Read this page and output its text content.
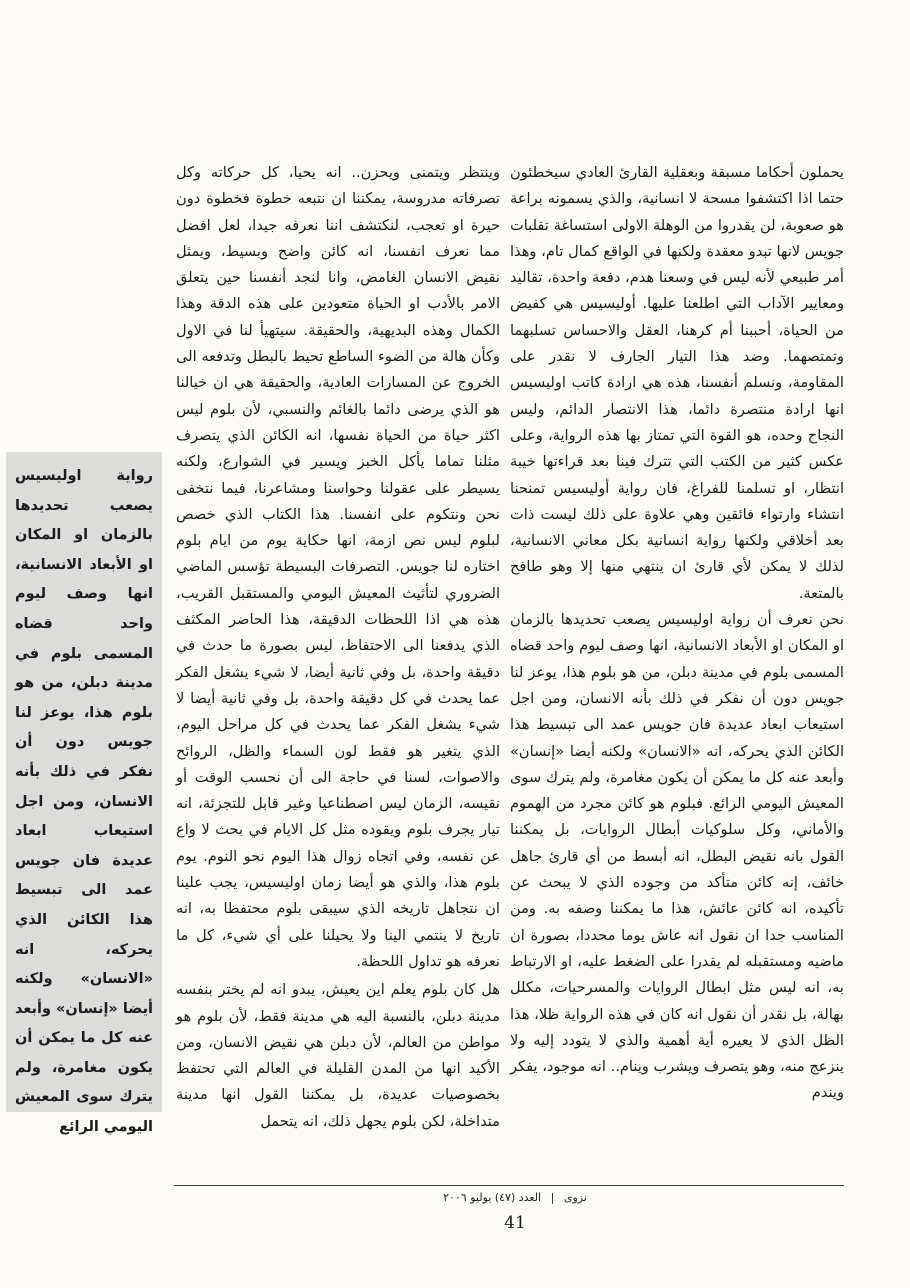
يحملون أحكاما مسبقة وبعقلية القارئ العادي سيخطئون حتما اذا اكتشفوا مسحة لا انسانية، والذي يسمونه براعة هو صعوبة، لن يقدروا من الوهلة الاولى استساغة تقلبات جويس لانها تبدو معقدة ولكنها في الواقع كمال تام، وهذا أمر طبيعي لأنه ليس في وسعنا هدم، دفعة واحدة، تقاليد ومعايير الآداب التي اطلعنا عليها. أوليسيس هي كفيض من الحياة، أحببنا أم كرهنا، العقل والاحساس تسلبهما وتمتصهما. وضد هذا التيار الجارف لا نقدر على المقاومة، ونسلم أنفسنا، هذه هي ارادة كاتب اوليسيس انها ارادة منتصرة دائما، هذا الانتصار الدائم، وليس النجاح وحده، هو القوة التي تمتاز بها هذه الرواية، وعلى عكس كثير من الكتب التي تترك فينا بعد قراءتها خيبة انتظار، او تسلمنا للفراغ، فان رواية أوليسيس تمنحنا انتشاء وارتواء فائقين وهي علاوة على ذلك ليست ذات بعد أخلاقي ولكنها رواية انسانية بكل معاني الانسانية، لذلك لا يمكن لأي قارئ ان ينتهي منها إلا وهو طافح بالمتعة.

نحن نعرف أن رواية اوليسيس يصعب تحديدها بالزمان او المكان او الأبعاد الانسانية، انها وصف ليوم واحد قضاه المسمى بلوم في مدينة دبلن، من هو بلوم هذا، يوعز لنا جويس دون أن نفكر في ذلك بأنه الانسان، ومن اجل استيعاب ابعاد عديدة فان جويس عمد الى تبسيط هذا الكائن الذي يحركه، انه «الانسان» ولكنه أيضا «إنسان» وأبعد عنه كل ما يمكن أن يكون مغامرة، ولم يترك سوى المعيش اليومي الرائع. فبلوم هو كائن مجرد من الهموم والأماني، وكل سلوكيات أبطال الروايات، بل يمكننا القول بانه نقيض البطل، انه أبسط من أي قارئ جاهل خائف، إنه كائن متأكد من وجوده الذي لا يبحث عن تأكيده، انه كائن عائش، هذا ما يمكننا وصفه به. ومن المناسب جدا ان نقول انه عاش يوما محددا، بصورة ان ماضيه ومستقبله لم يقدرا على الضغط عليه، او الارتباط به، انه ليس مثل ابطال الروايات والمسرحيات، مكلل بهالة، بل نقدر أن نقول انه كان في هذه الرواية ظلا، هذا الظل الذي لا يعيره أية أهمية والذي لا يتودد إليه ولا ينزعج منه، وهو يتصرف ويشرب وينام.. انه موجود، يفكر ويندم

وينتظر ويتمنى ويحزن.. انه يحيا، كل حركاته وكل تصرفاته مدروسة، يمكننا ان نتبعه خطوة فخطوة دون حيرة او تعجب، لنكتشف اننا نعرفه جيدا، لعل افضل مما نعرف انفسنا، انه كائن واضح وبسيط، ويمثل نقيض الانسان الغامض، وانا لنجد أنفسنا حين يتعلق الامر بالأدب او الحياة متعودين على هذه الدقة وهذا الكمال وهذه البديهية، والحقيقة. سيتهيأ لنا في الاول وكأن هالة من الضوء الساطع تحيط بالبطل وتدفعه الى الخروج عن المسارات العادية، والحقيقة هي ان خيالنا هو الذي يرضى دائما بالغائم والنسبي، لأن بلوم ليس اكثر حياة من الحياة نفسها، انه الكائن الذي يتصرف مثلنا تماما يأكل الخبز ويسير في الشوارع، ولكنه يسيطر على عقولنا وحواسنا ومشاعرنا، فيما نتخفى نحن ونتكوم على انفسنا. هذا الكتاب الذي خصص لبلوم ليس نص ازمة، انها حكاية يوم من ايام بلوم اختاره لنا جويس. التصرفات البسيطة تؤسس الماضي الضروري لتأثيث المعيش اليومي والمستقبل القريب، هذه هي اذا اللحظات الدقيقة، هذا الحاضر المكثف الذي يدفعنا الى الاحتفاظ، ليس بصورة ما حدث في دقيقة واحدة، بل وفي ثانية أيضا، لا شيء يشغل الفكر عما يحدث في كل دقيقة واحدة، بل وفي ثانية أيضا لا شيء يشغل الفكر عما يحدث في كل مراحل اليوم، الذي يتغير هو فقط لون السماء والظل، الروائح والاصوات، لسنا في حاجة الى أن نحسب الوقت أو نقيسه، الزمان ليس اصطناعيا وغير قابل للتجزئة، انه تيار يجرف بلوم ويقوده مثل كل الايام في بحث لا واع عن نفسه، وفي اتجاه زوال هذا اليوم نحو النوم. يوم بلوم هذا، والذي هو أيضا زمان اوليسيس، يجب علينا ان نتجاهل تاريخه الذي سيبقى بلوم محتفظا به، انه تاريخ لا ينتمي الينا ولا يحيلنا على أي شيء، كل ما نعرفه هو تداول اللحظة.

هل كان بلوم يعلم اين يعيش، يبدو انه لم يختر بنفسه مدينة دبلن، بالنسبة اليه هي مدينة فقط، لأن بلوم هو مواطن من العالم، لأن دبلن هي نقيض الانسان، ومن الأكيد انها من المدن القليلة في العالم التي تحتفظ بخصوصيات عديدة، بل يمكننا القول انها مدينة متداخلة، لكن بلوم يجهل ذلك، انه يتحمل

رواية اوليسيس يصعب تحديدها بالزمان او المكان او الأبعاد الانسانية، انها وصف ليوم واحد قضاه المسمى بلوم في مدينة دبلن، من هو بلوم هذا، يوعز لنا جويس دون أن نفكر في ذلك بأنه الانسان، ومن اجل استيعاب ابعاد عديدة فان جويس عمد الى تبسيط هذا الكائن الذي يحركه، انه «الانسان» ولكنه أيضا «إنسان» وأبعد عنه كل ما يمكن أن يكون مغامرة، ولم يترك سوى المعيش اليومي الرائع
نزوى | العدد (٤٧) يوليو ٢٠٠٦
41
